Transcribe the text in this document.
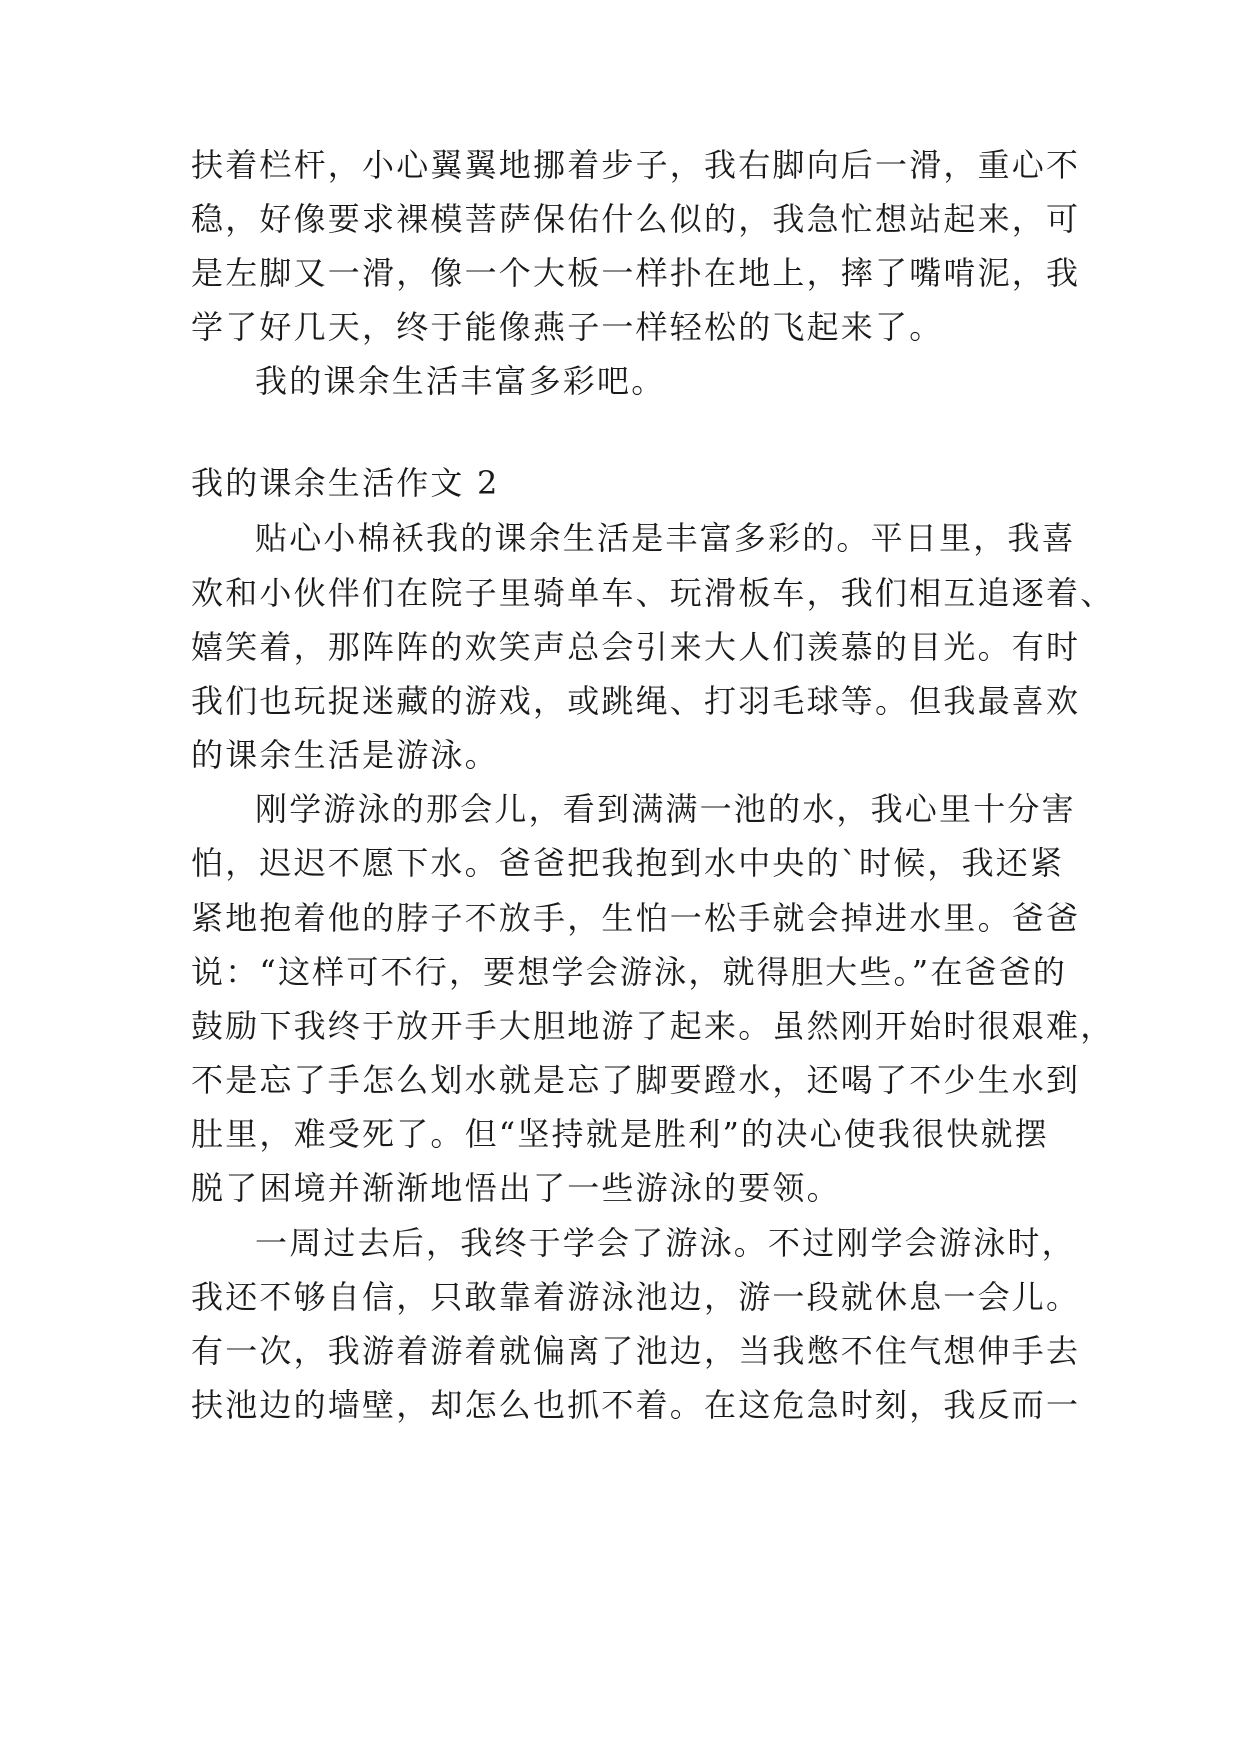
扶着栏杆，小心翼翼地挪着步子，我右脚向后一滑，重心不
稳，好像要求裸模菩萨保佑什么似的，我急忙想站起来，可
是左脚又一滑，像一个大板一样扑在地上，摔了嘴啃泥，我
学了好几天，终于能像燕子一样轻松的飞起来了。
我的课余生活丰富多彩吧。
我的课余生活作文 2
贴心小棉袄我的课余生活是丰富多彩的。平日里，我喜
欢和小伙伴们在院子里骑单车、玩滑板车，我们相互追逐着、
嬉笑着，那阵阵的欢笑声总会引来大人们羡慕的目光。有时
我们也玩捉迷藏的游戏，或跳绳、打羽毛球等。但我最喜欢
的课余生活是游泳。
刚学游泳的那会儿，看到满满一池的水，我心里十分害
怕，迟迟不愿下水。爸爸把我抱到水中央的`时候，我还紧
紧地抱着他的脖子不放手，生怕一松手就会掉进水里。爸爸
说：“这样可不行，要想学会游泳，就得胆大些。”在爸爸的
鼓励下我终于放开手大胆地游了起来。虽然刚开始时很艰难，
不是忘了手怎么划水就是忘了脚要蹬水，还喝了不少生水到
肚里，难受死了。但“坚持就是胜利”的决心使我很快就摆
脱了困境并渐渐地悟出了一些游泳的要领。
一周过去后，我终于学会了游泳。不过刚学会游泳时，
我还不够自信，只敢靠着游泳池边，游一段就休息一会儿。
有一次，我游着游着就偏离了池边，当我憋不住气想伸手去
扶池边的墙壁，却怎么也抓不着。在这危急时刻，我反而一
